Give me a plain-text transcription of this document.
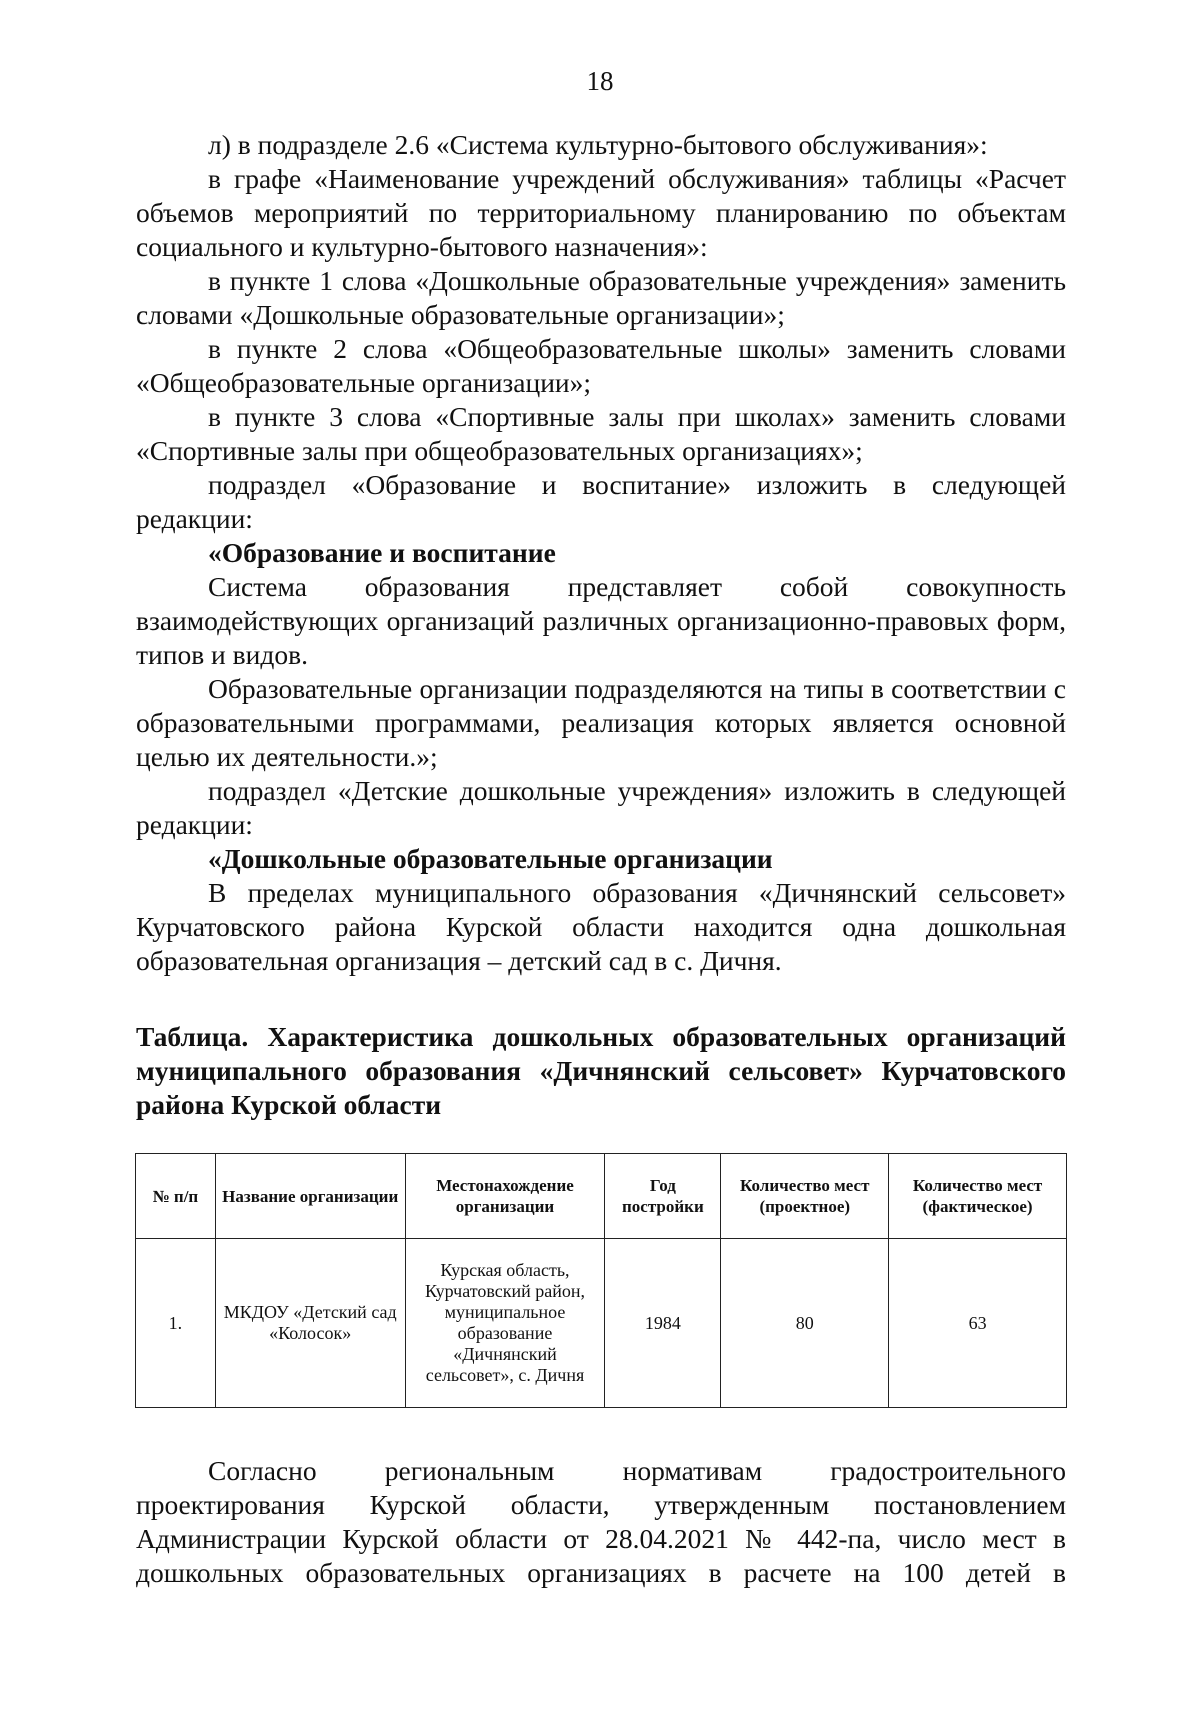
18

л) в подразделе 2.6 «Система культурно-бытового обслуживания»:

в графе «Наименование учреждений обслуживания» таблицы «Расчет объемов мероприятий по территориальному планированию по объектам социального и культурно-бытового назначения»:

в пункте 1 слова «Дошкольные образовательные учреждения» заменить словами «Дошкольные образовательные организации»;

в пункте 2 слова «Общеобразовательные школы» заменить словами «Общеобразовательные организации»;

в пункте 3 слова «Спортивные залы при школах» заменить словами «Спортивные залы при общеобразовательных организациях»;

подраздел «Образование и воспитание» изложить в следующей редакции:

«Образование и воспитание

Система образования представляет собой совокупность взаимодействующих организаций различных организационно-правовых форм, типов и видов.

Образовательные организации подразделяются на типы в соответствии с образовательными программами, реализация которых является основной целью их деятельности.»;

подраздел «Детские дошкольные учреждения» изложить в следующей редакции:

«Дошкольные образовательные организации

В пределах муниципального образования «Дичнянский сельсовет» Курчатовского района Курской области находится одна дошкольная образовательная организация – детский сад в с. Дичня.

Таблица. Характеристика дошкольных образовательных организаций муниципального образования «Дичнянский сельсовет» Курчатовского района Курской области
№ п/п	Название организации	Местонахождение организации	Год постройки	Количество мест (проектное)	Количество мест (фактическое)
1.	МКДОУ «Детский сад «Колосок»	Курская область, Курчатовский район, муниципальное образование «Дичнянский сельсовет», с. Дичня	1984	80	63
Согласно региональным нормативам градостроительного
проектирования Курской области, утвержденным постановлением
Администрации Курской области от 28.04.2021 № 442-па, число мест в
дошкольных образовательных организациях в расчете на 100 детей в
